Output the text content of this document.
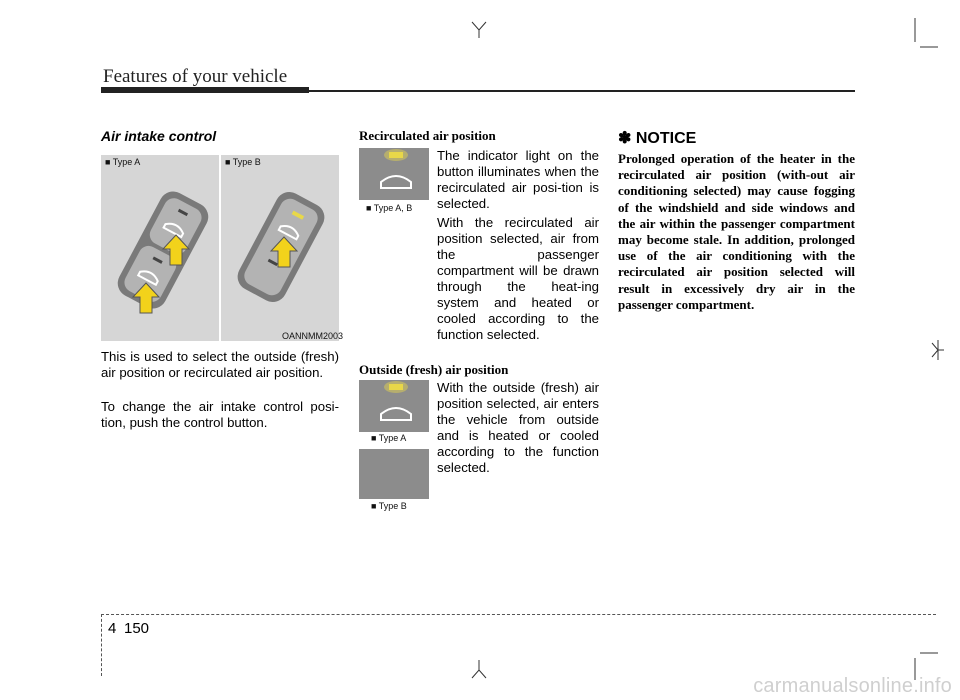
Features of your vehicle
Air intake control
■ Type A	■ Type B
OANNMM2003
This is used to select the outside (fresh) air position or recirculated air position.
To change the air intake control posi-tion, push the control button.
Recirculated air position
■ Type A, B
The indicator light on the button illuminates when the recirculated air posi-tion is selected.
With the recirculated air position selected, air from the passenger compartment will be drawn through the heat-ing system and heated or cooled according to the function selected.
Outside (fresh) air position
■ Type A
■ Type B
With the outside (fresh) air position selected, air enters the vehicle from outside and is heated or cooled according to the function selected.
✽ NOTICE
Prolonged operation of the heater in the recirculated air position (with-out air conditioning selected) may cause fogging of the windshield and side windows and the air within the passenger compartment may become stale. In addition, prolonged use of the air conditioning with the recirculated air position selected will result in excessively dry air in the passenger compartment.
4 150
carmanualsonline.info
